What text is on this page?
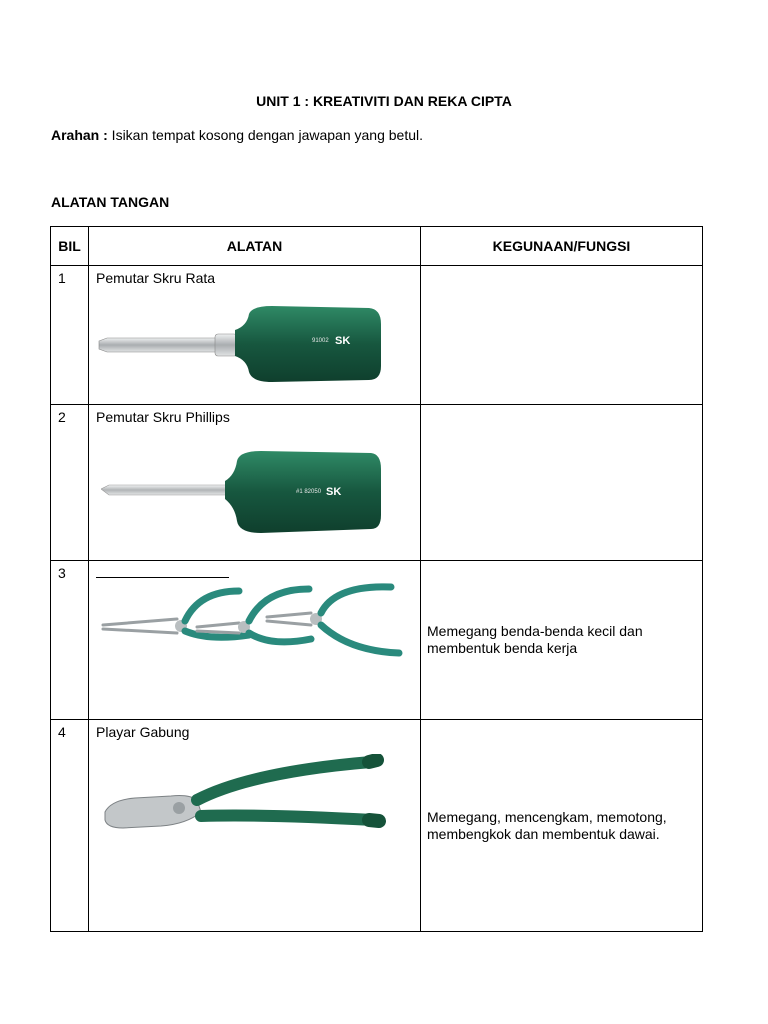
UNIT 1 : KREATIVITI DAN REKA CIPTA
Arahan : Isikan tempat kosong dengan jawapan yang betul.
ALATAN TANGAN
BIL	ALATAN	KEGUNAAN/FUNGSI
1	Pemutar Skru Rata
91002 SK	

2	Pemutar Skru Phillips
#1 82050 SK	

3		Memegang benda-benda kecil dan
membentuk benda kerja

4	Playar Gabung	Memegang, mencengkam, memotong,
membengkok dan membentuk dawai.
